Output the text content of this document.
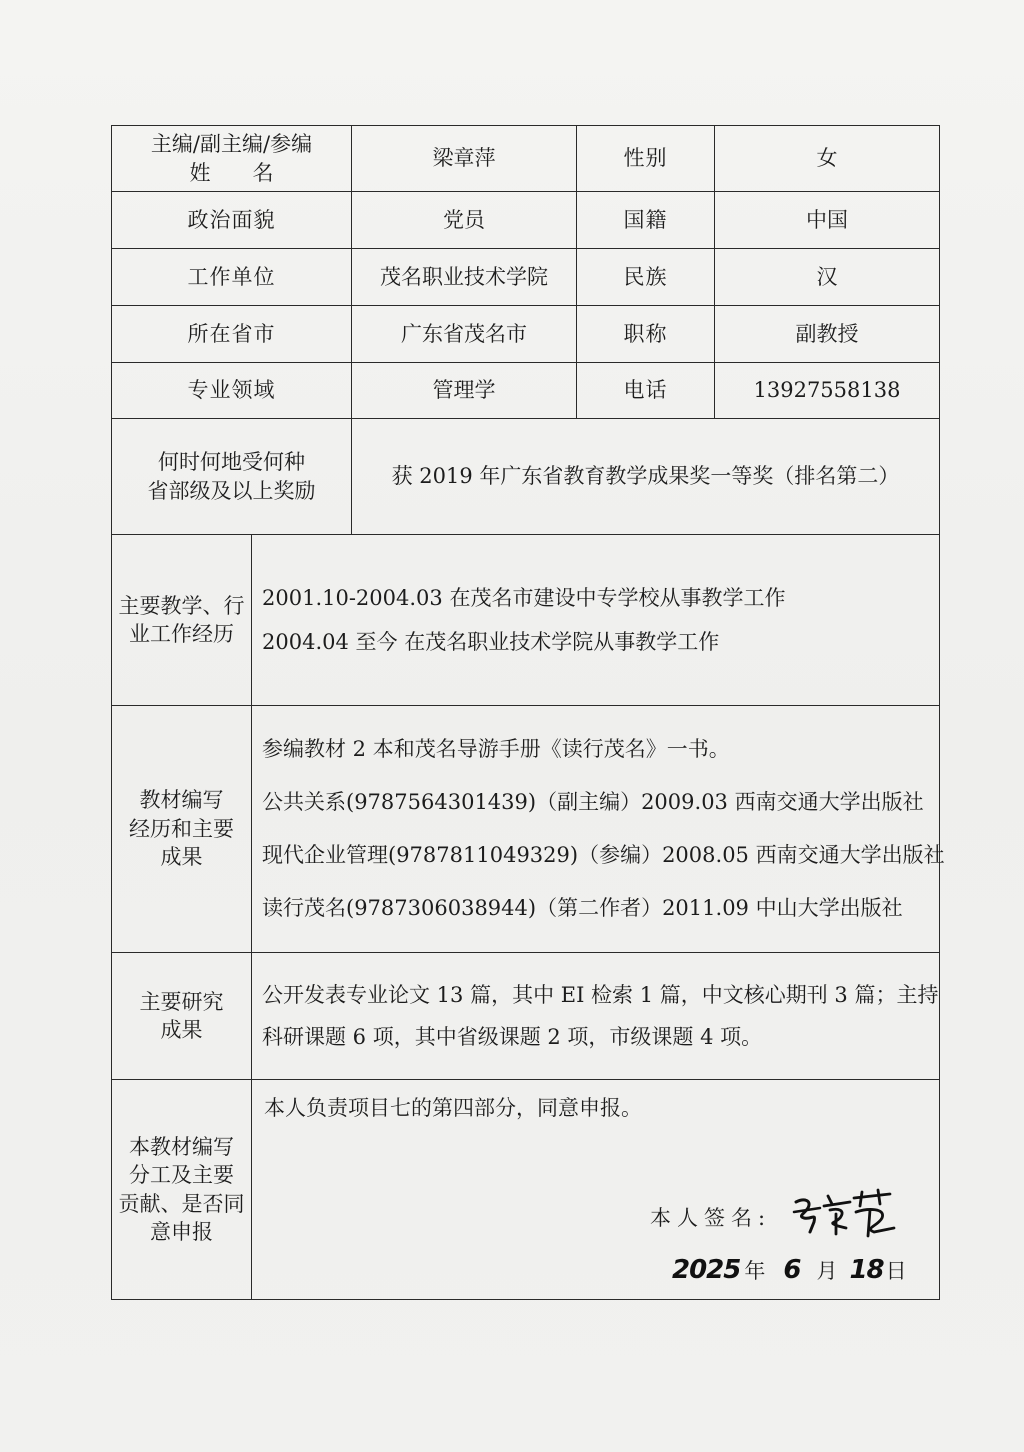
主编/副主编/参编
姓　　名		梁章萍	性别	女
政治面貌		党员	国籍	中国
工作单位		茂名职业技术学院	民族	汉
所在省市		广东省茂名市	职称	副教授
专业领域		管理学	电话	13927558138

何时何地受何种
省部级及以上奖励		获 2019 年广东省教育教学成果奖一等奖（排名第二）		

主要教学、行
业工作经历	2001.10-2004.03 在茂名市建设中专学校从事教学工作
2004.04 至今 在茂名职业技术学院从事教学工作			

教材编写
经历和主要
成果	参编教材 2 本和茂名导游手册《读行茂名》一书。
公共关系(9787564301439)（副主编）2009.03 西南交通大学出版社
现代企业管理(9787811049329)（参编）2008.05 西南交通大学出版社
读行茂名(9787306038944)（第二作者）2011.09 中山大学出版社			

主要研究
成果	公开发表专业论文 13 篇，其中 EI 检索 1 篇，中文核心期刊 3 篇；主持
科研课题 6 项，其中省级课题 2 项，市级课题 4 项。			

本教材编写
分工及主要
贡献、是否同
意申报	本人负责项目七的第四部分，同意申报。
本人签名:
2025 年 6 月 18日			
